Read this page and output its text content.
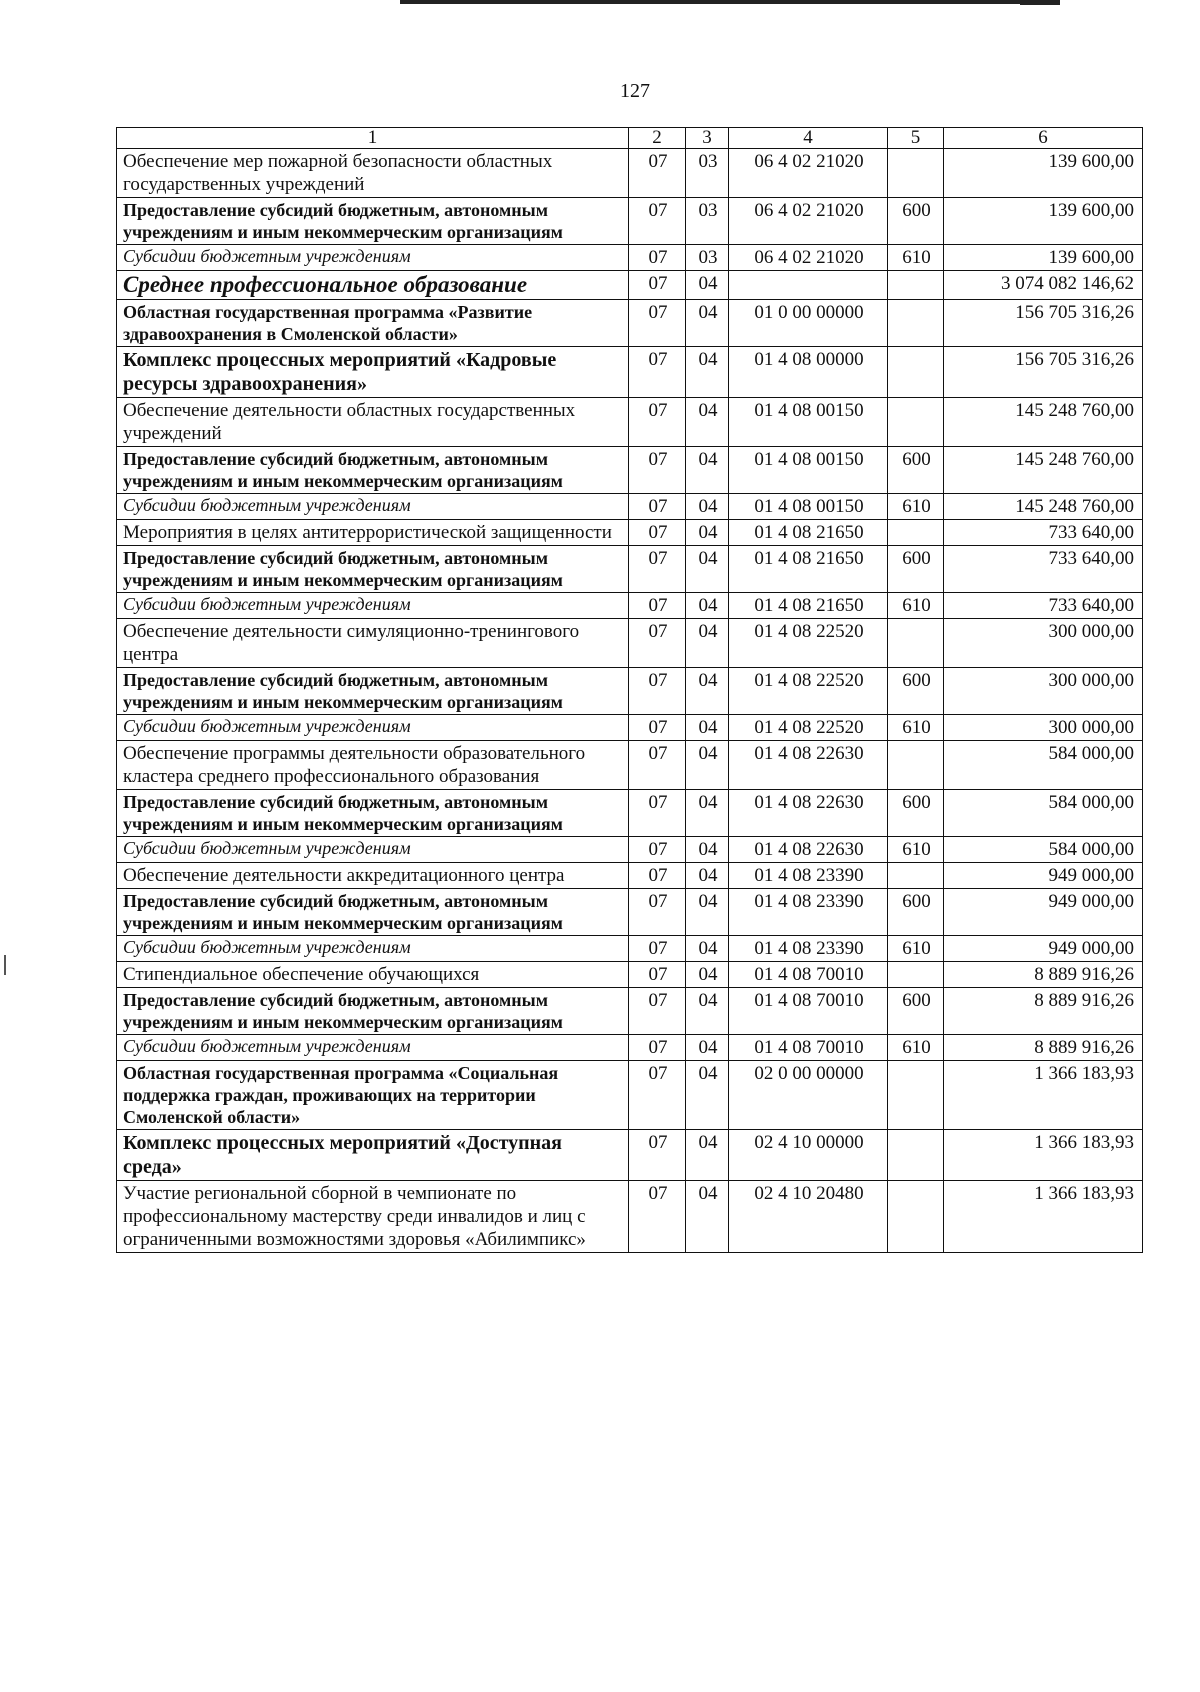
127
1	2	3	4	5	6
Обеспечение мер пожарной безопасности областных государственных учреждений	07	03	06 4 02 21020		139 600,00
Предоставление субсидий бюджетным, автономным учреждениям и иным некоммерческим организациям	07	03	06 4 02 21020	600	139 600,00
Субсидии бюджетным учреждениям	07	03	06 4 02 21020	610	139 600,00
Среднее профессиональное образование	07	04			3 074 082 146,62
Областная государственная программа «Развитие здравоохранения в Смоленской области»	07	04	01 0 00 00000		156 705 316,26
Комплекс процессных мероприятий «Кадровые ресурсы здравоохранения»	07	04	01 4 08 00000		156 705 316,26
Обеспечение деятельности областных государственных учреждений	07	04	01 4 08 00150		145 248 760,00
Предоставление субсидий бюджетным, автономным учреждениям и иным некоммерческим организациям	07	04	01 4 08 00150	600	145 248 760,00
Субсидии бюджетным учреждениям	07	04	01 4 08 00150	610	145 248 760,00
Мероприятия в целях антитеррористической защищенности	07	04	01 4 08 21650		733 640,00
Предоставление субсидий бюджетным, автономным учреждениям и иным некоммерческим организациям	07	04	01 4 08 21650	600	733 640,00
Субсидии бюджетным учреждениям	07	04	01 4 08 21650	610	733 640,00
Обеспечение деятельности симуляционно-тренингового центра	07	04	01 4 08 22520		300 000,00
Предоставление субсидий бюджетным, автономным учреждениям и иным некоммерческим организациям	07	04	01 4 08 22520	600	300 000,00
Субсидии бюджетным учреждениям	07	04	01 4 08 22520	610	300 000,00
Обеспечение программы деятельности образовательного кластера среднего профессионального образования	07	04	01 4 08 22630		584 000,00
Предоставление субсидий бюджетным, автономным учреждениям и иным некоммерческим организациям	07	04	01 4 08 22630	600	584 000,00
Субсидии бюджетным учреждениям	07	04	01 4 08 22630	610	584 000,00
Обеспечение деятельности аккредитационного центра	07	04	01 4 08 23390		949 000,00
Предоставление субсидий бюджетным, автономным учреждениям и иным некоммерческим организациям	07	04	01 4 08 23390	600	949 000,00
Субсидии бюджетным учреждениям	07	04	01 4 08 23390	610	949 000,00
Стипендиальное обеспечение обучающихся	07	04	01 4 08 70010		8 889 916,26
Предоставление субсидий бюджетным, автономным учреждениям и иным некоммерческим организациям	07	04	01 4 08 70010	600	8 889 916,26
Субсидии бюджетным учреждениям	07	04	01 4 08 70010	610	8 889 916,26
Областная государственная программа «Социальная поддержка граждан, проживающих на территории Смоленской области»	07	04	02 0 00 00000		1 366 183,93
Комплекс процессных мероприятий «Доступная среда»	07	04	02 4 10 00000		1 366 183,93
Участие региональной сборной в чемпионате по профессиональному мастерству среди инвалидов и лиц с ограниченными возможностями здоровья «Абилимпикс»	07	04	02 4 10 20480		1 366 183,93
